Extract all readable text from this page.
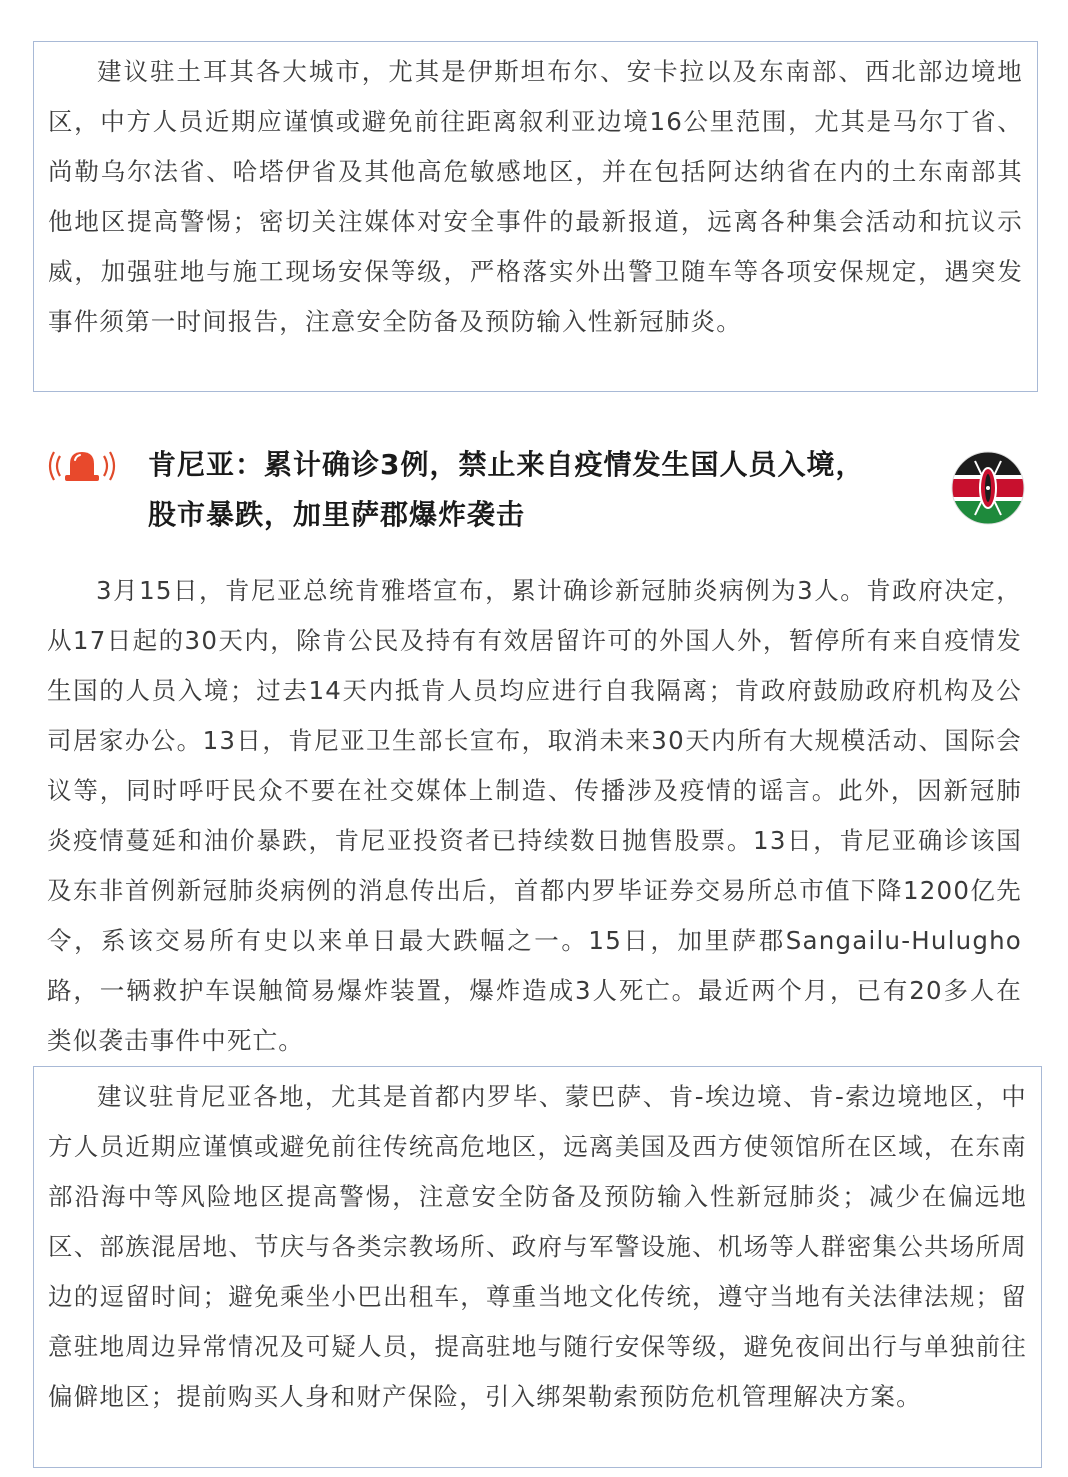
建议驻土耳其各大城市，尤其是伊斯坦布尔、安卡拉以及东南部、西北部边境地区，中方人员近期应谨慎或避免前往距离叙利亚边境16公里范围，尤其是马尔丁省、尚勒乌尔法省、哈塔伊省及其他高危敏感地区，并在包括阿达纳省在内的土东南部其他地区提高警惕；密切关注媒体对安全事件的最新报道，远离各种集会活动和抗议示威，加强驻地与施工现场安保等级，严格落实外出警卫随车等各项安保规定，遇突发事件须第一时间报告，注意安全防备及预防输入性新冠肺炎。

肯尼亚：累计确诊3例，禁止来自疫情发生国人员入境，
股市暴跌，加里萨郡爆炸袭击

3月15日，肯尼亚总统肯雅塔宣布，累计确诊新冠肺炎病例为3人。肯政府决定，从17日起的30天内，除肯公民及持有有效居留许可的外国人外，暂停所有来自疫情发生国的人员入境；过去14天内抵肯人员均应进行自我隔离；肯政府鼓励政府机构及公司居家办公。13日，肯尼亚卫生部长宣布，取消未来30天内所有大规模活动、国际会议等，同时呼吁民众不要在社交媒体上制造、传播涉及疫情的谣言。此外，因新冠肺炎疫情蔓延和油价暴跌，肯尼亚投资者已持续数日抛售股票。13日，肯尼亚确诊该国及东非首例新冠肺炎病例的消息传出后，首都内罗毕证券交易所总市值下降1200亿先令，系该交易所有史以来单日最大跌幅之一。15日，加里萨郡Sangailu-Hulugho路，一辆救护车误触简易爆炸装置，爆炸造成3人死亡。最近两个月，已有20多人在类似袭击事件中死亡。

建议驻肯尼亚各地，尤其是首都内罗毕、蒙巴萨、肯-埃边境、肯-索边境地区，中方人员近期应谨慎或避免前往传统高危地区，远离美国及西方使领馆所在区域，在东南部沿海中等风险地区提高警惕，注意安全防备及预防输入性新冠肺炎；减少在偏远地区、部族混居地、节庆与各类宗教场所、政府与军警设施、机场等人群密集公共场所周边的逗留时间；避免乘坐小巴出租车，尊重当地文化传统，遵守当地有关法律法规；留意驻地周边异常情况及可疑人员，提高驻地与随行安保等级，避免夜间出行与单独前往偏僻地区；提前购买人身和财产保险，引入绑架勒索预防危机管理解决方案。
